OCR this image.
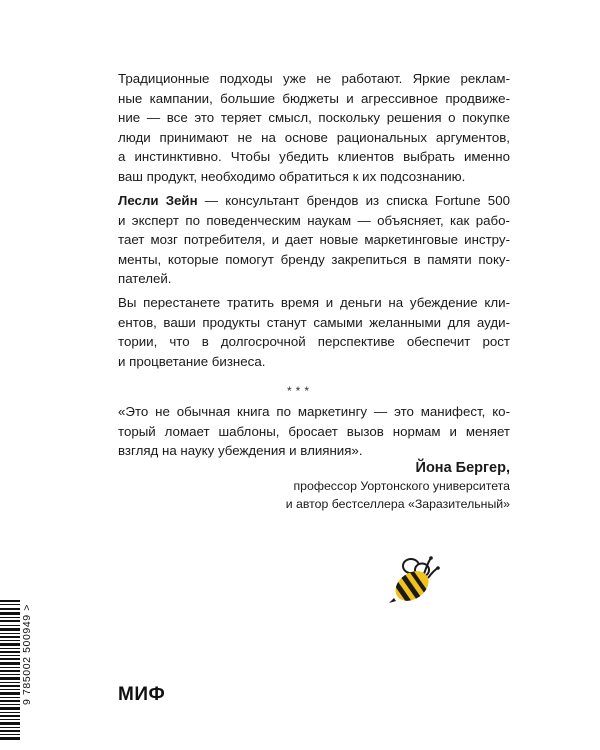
Традиционные подходы уже не работают. Яркие реклам-
ные кампании, большие бюджеты и агрессивное продвиже-
ние — все это теряет смысл, поскольку решения о покупке
люди принимают не на основе рациональных аргументов,
а инстинктивно. Чтобы убедить клиентов выбрать именно
ваш продукт, необходимо обратиться к их подсознанию.
Лесли Зейн — консультант брендов из списка Fortune 500
и эксперт по поведенческим наукам — объясняет, как рабо-
тает мозг потребителя, и дает новые маркетинговые инстру-
менты, которые помогут бренду закрепиться в памяти поку-
пателей.
Вы перестанете тратить время и деньги на убеждение кли-
ентов, ваши продукты станут самыми желанными для ауди-
тории, что в долгосрочной перспективе обеспечит рост
и процветание бизнеса.
***
«Это не обычная книга по маркетингу — это манифест, ко-
торый ломает шаблоны, бросает вызов нормам и меняет
взгляд на науку убеждения и влияния».
Йона Бергер,
профессор Уортонского университета
и автор бестселлера «Заразительный»
9 785002 500949 >	МИФ
